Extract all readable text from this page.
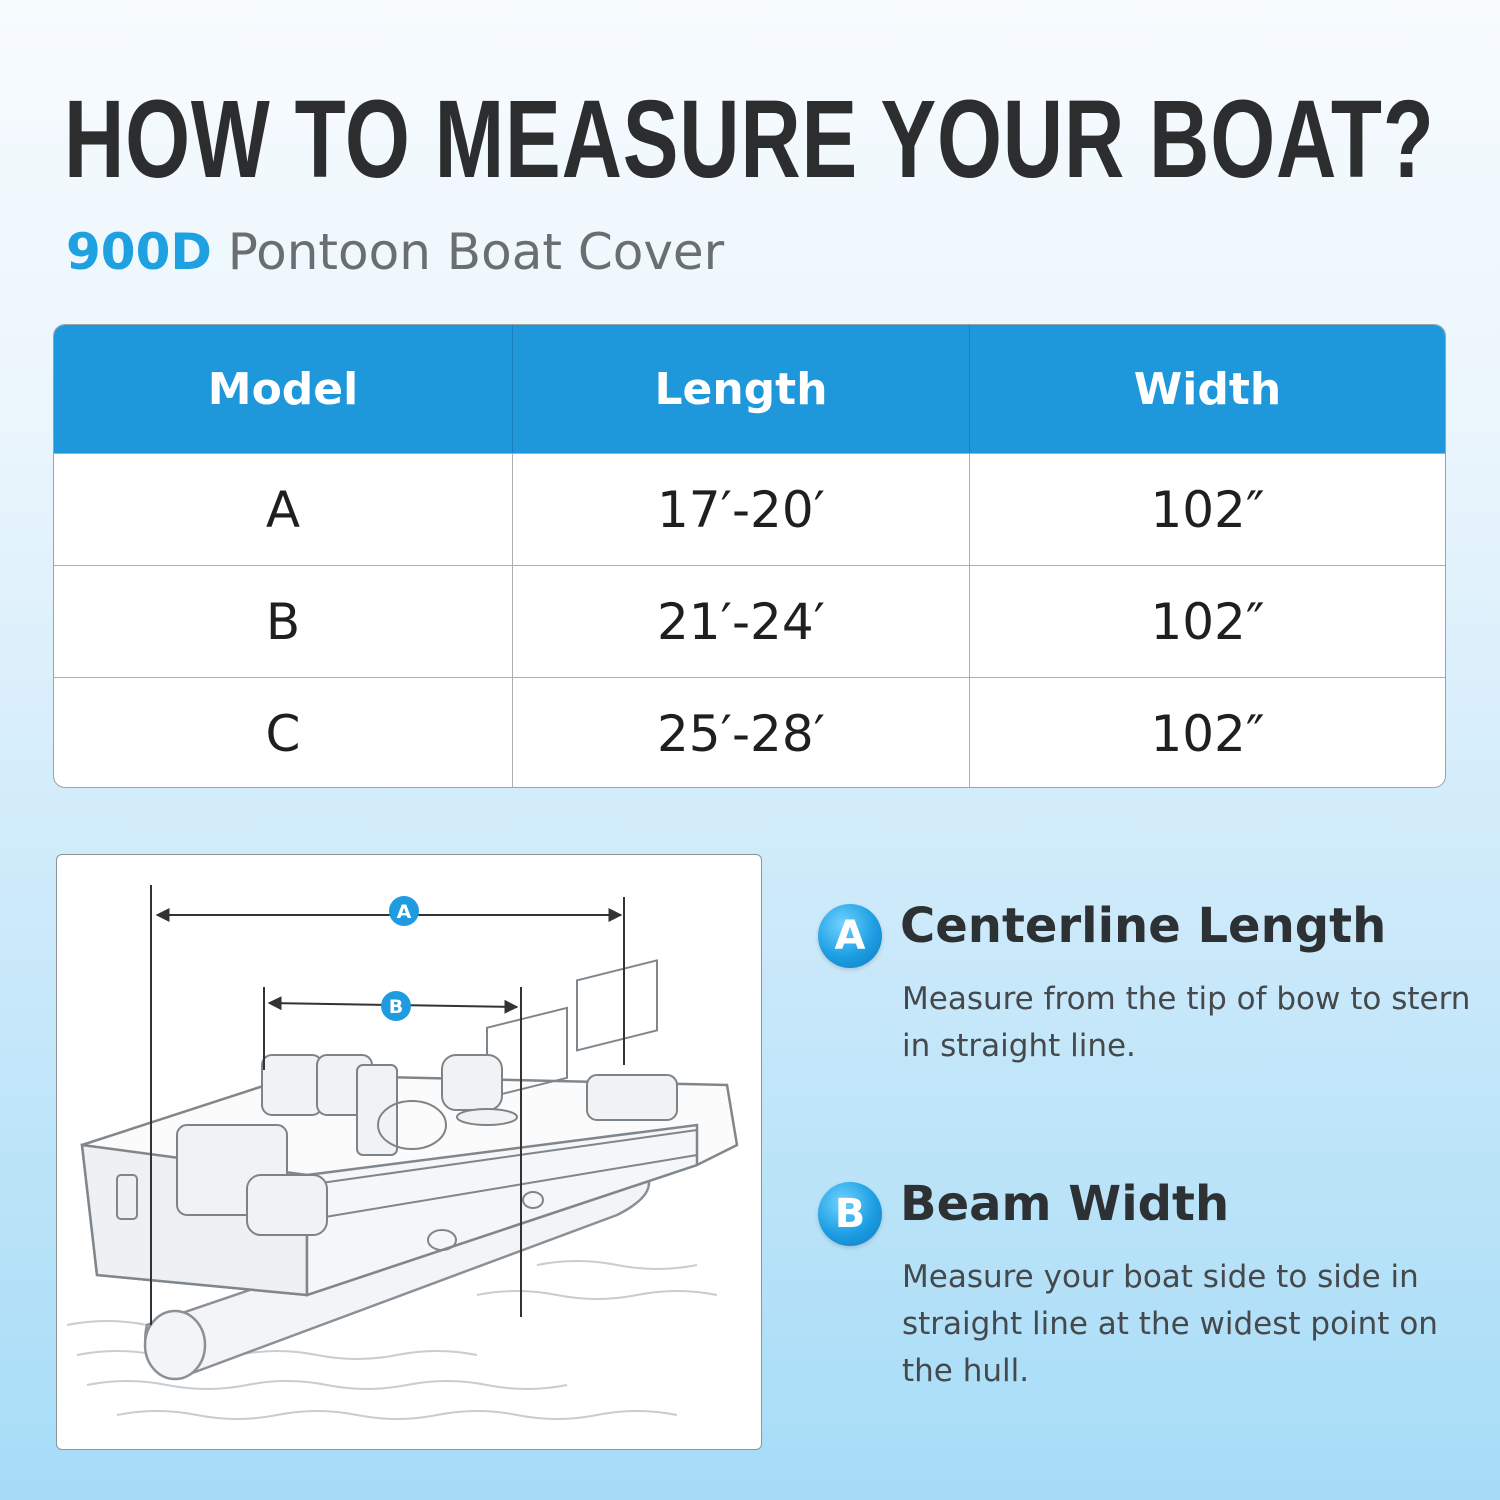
HOW TO MEASURE YOUR BOAT?
900D Pontoon Boat Cover
Model	Length	Width
A	17′-20′	102″
B	21′-24′	102″
C	25′-28′	102″
A
B
A Centerline Length

Measure from the tip of bow to stern in straight line.

B Beam Width

Measure your boat side to side in straight line at the widest point on the hull.
